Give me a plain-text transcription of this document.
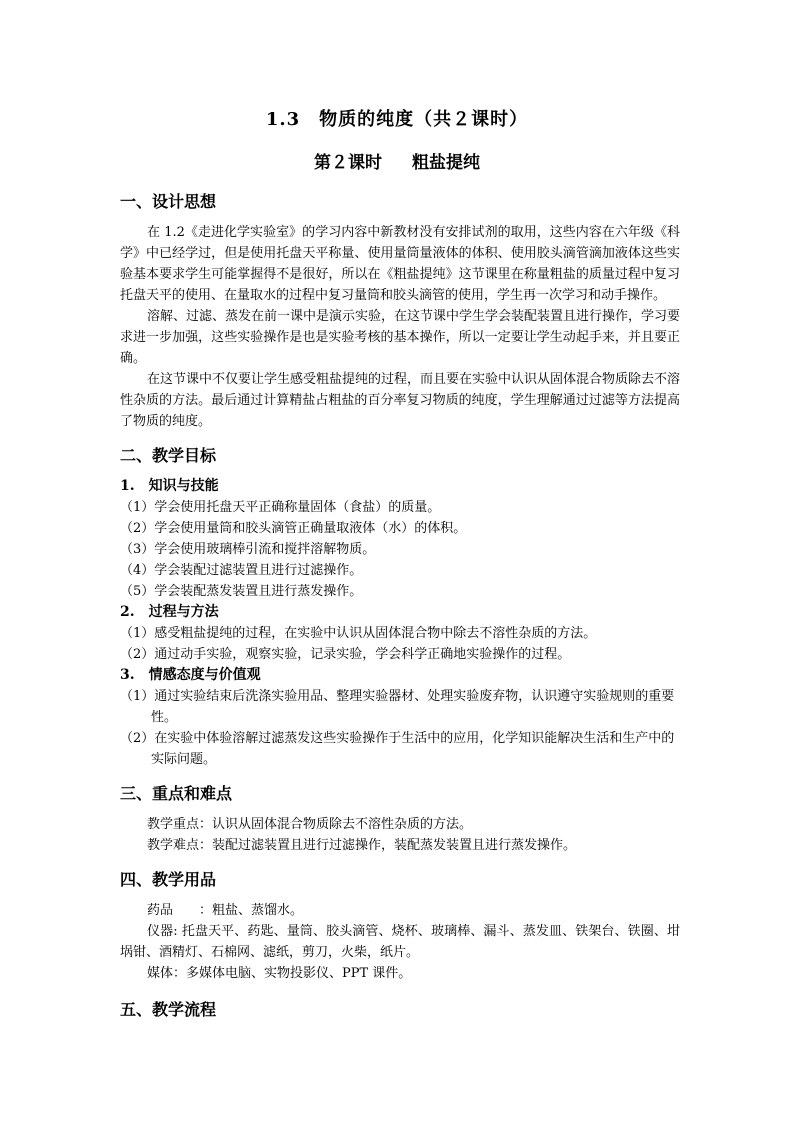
1.3　物质的纯度（共２课时）
第２课时 粗盐提纯
一、设计思想

在 1.2《走进化学实验室》的学习内容中新教材没有安排试剂的取用，这些内容在六年级《科学》中已经学过，但是使用托盘天平称量、使用量筒量液体的体积、使用胶头滴管滴加液体这些实验基本要求学生可能掌握得不是很好，所以在《粗盐提纯》这节课里在称量粗盐的质量过程中复习托盘天平的使用、在量取水的过程中复习量筒和胶头滴管的使用，学生再一次学习和动手操作。

溶解、过滤、蒸发在前一课中是演示实验，在这节课中学生学会装配装置且进行操作，学习要求进一步加强，这些实验操作是也是实验考核的基本操作，所以一定要让学生动起手来，并且要正确。

在这节课中不仅要让学生感受粗盐提纯的过程，而且要在实验中认识从固体混合物质除去不溶性杂质的方法。最后通过计算精盐占粗盐的百分率复习物质的纯度，学生理解通过过滤等方法提高了物质的纯度。

二、教学目标
1.　知识与技能
（1）学会使用托盘天平正确称量固体（食盐）的质量。
（2）学会使用量筒和胶头滴管正确量取液体（水）的体积。
（3）学会使用玻璃棒引流和搅拌溶解物质。
（4）学会装配过滤装置且进行过滤操作。
（5）学会装配蒸发装置且进行蒸发操作。
2.　过程与方法
（1）感受粗盐提纯的过程，在实验中认识从固体混合物中除去不溶性杂质的方法。
（2）通过动手实验，观察实验，记录实验，学会科学正确地实验操作的过程。
3.　情感态度与价值观
（1）通过实验结束后洗涤实验用品、整理实验器材、处理实验废弃物，认识遵守实验规则的重要性。
（2）在实验中体验溶解过滤蒸发这些实验操作于生活中的应用，化学知识能解决生活和生产中的实际问题。
三、重点和难点

教学重点：认识从固体混合物质除去不溶性杂质的方法。

教学难点：装配过滤装置且进行过滤操作，装配蒸发装置且进行蒸发操作。

四、教学用品

药品　　：粗盐、蒸馏水。

仪器: 托盘天平、药匙、量筒、胶头滴管、烧杯、玻璃棒、漏斗、蒸发皿、铁架台、铁圈、坩埚钳、酒精灯、石棉网、滤纸，剪刀，火柴，纸片。

媒体：多媒体电脑、实物投影仪、PPT 课件。

五、教学流程
